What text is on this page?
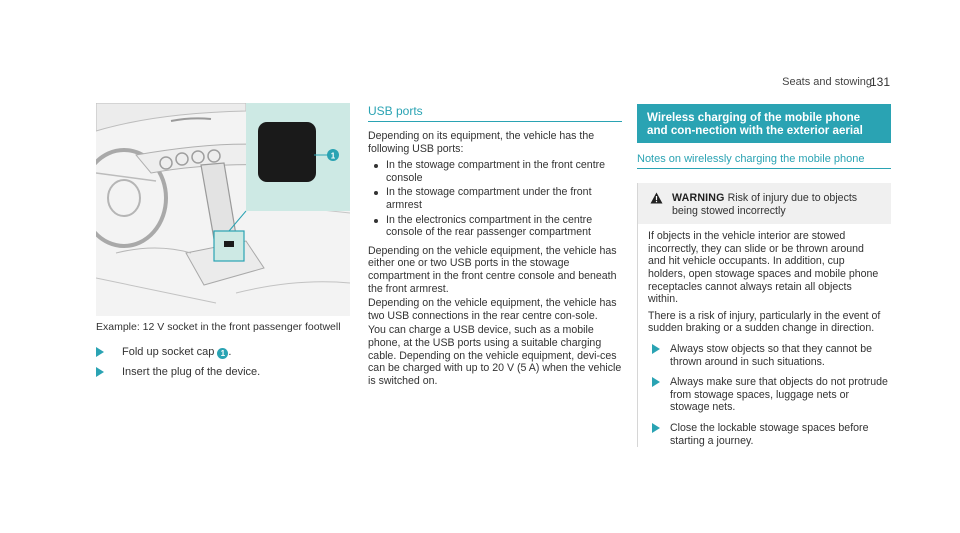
Seats and stowing
131
1
Example: 12 V socket in the front passenger footwell
Fold up socket cap 1 .
Insert the plug of the device.
USB ports

Depending on its equipment, the vehicle has the following USB ports:

In the stowage compartment in the front centre console
In the stowage compartment under the front armrest
In the electronics compartment in the centre console of the rear passenger compartment

Depending on the vehicle equipment, the vehicle has either one or two USB ports in the stowage compartment in the front centre console and beneath the front armrest.

Depending on the vehicle equipment, the vehicle has two USB connections in the rear centre con-sole.

You can charge a USB device, such as a mobile phone, at the USB ports using a suitable charging cable. Depending on the vehicle equipment, devi-ces can be charged with up to 20 V (5 A) when the vehicle is switched on.

Wireless charging of the mobile phone and con-nection with the exterior aerial
Notes on wirelessly charging the mobile phone
WARNING Risk of injury due to objects being stowed incorrectly

If objects in the vehicle interior are stowed incorrectly, they can slide or be thrown around and hit vehicle occupants. In addition, cup holders, open stowage spaces and mobile phone receptacles cannot always retain all objects within.

There is a risk of injury, particularly in the event of sudden braking or a sudden change in direction.

Always stow objects so that they cannot be thrown around in such situations.
Always make sure that objects do not protrude from stowage spaces, luggage nets or stowage nets.
Close the lockable stowage spaces before starting a journey.
